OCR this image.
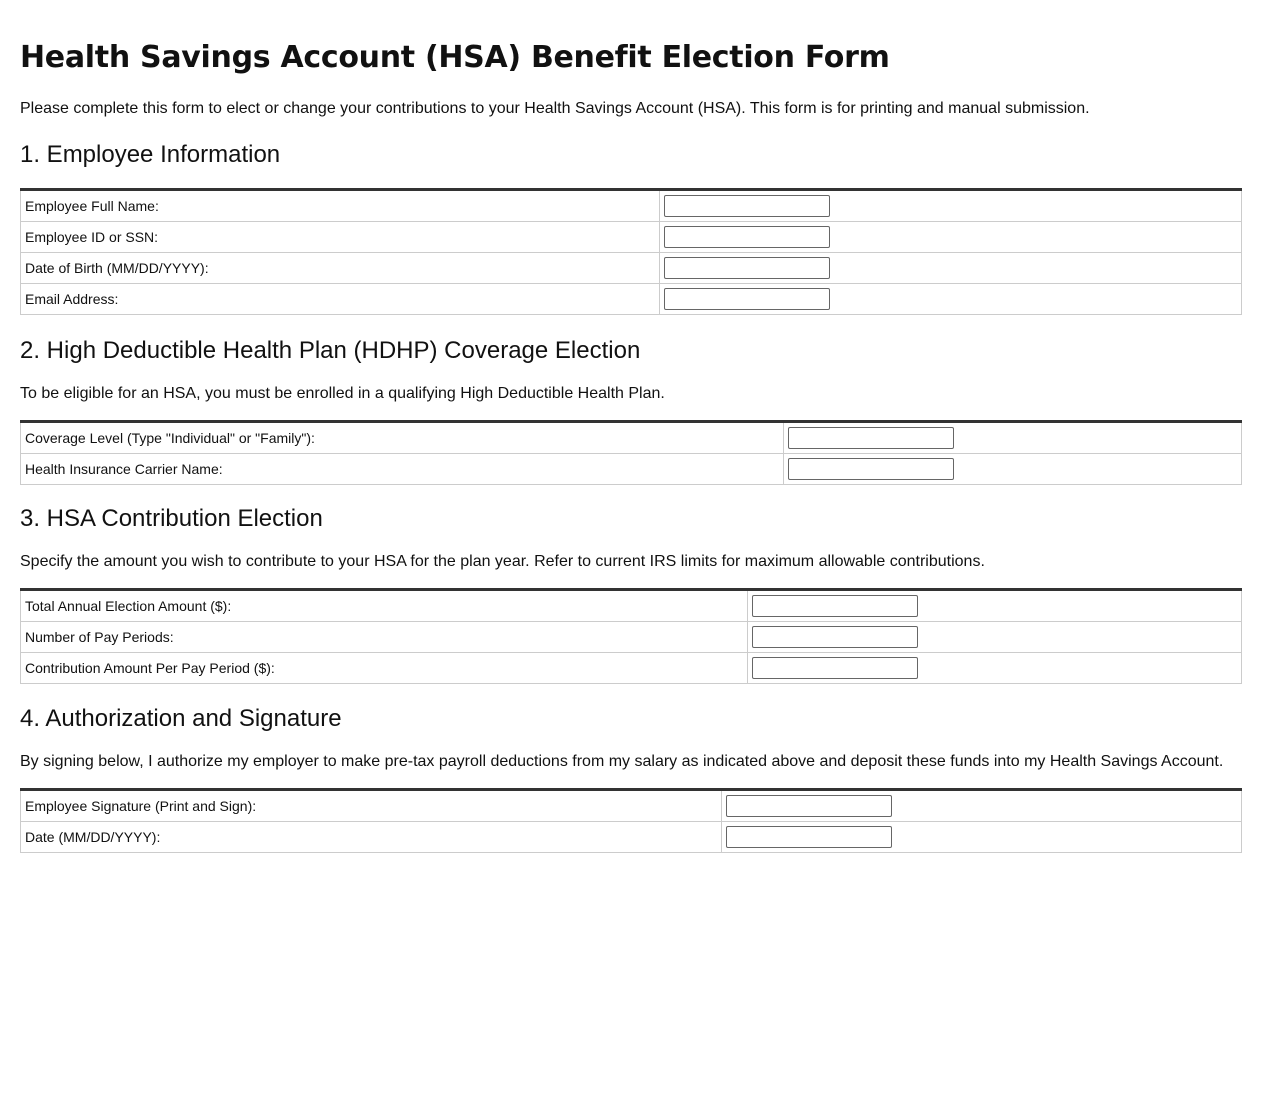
Health Savings Account (HSA) Benefit Election Form

Please complete this form to elect or change your contributions to your Health Savings Account (HSA). This form is for printing and manual submission.

1. Employee Information
Employee Full Name:	

Employee ID or SSN:	

Date of Birth (MM/DD/YYYY):	

Email Address:	
2. High Deductible Health Plan (HDHP) Coverage Election

To be eligible for an HSA, you must be enrolled in a qualifying High Deductible Health Plan.

Coverage Level (Type "Individual" or "Family"):	

Health Insurance Carrier Name:	
3. HSA Contribution Election

Specify the amount you wish to contribute to your HSA for the plan year. Refer to current IRS limits for maximum allowable contributions.

Total Annual Election Amount ($):	

Number of Pay Periods:	

Contribution Amount Per Pay Period ($):	
4. Authorization and Signature

By signing below, I authorize my employer to make pre-tax payroll deductions from my salary as indicated above and deposit these funds into my Health Savings Account.

Employee Signature (Print and Sign):	

Date (MM/DD/YYYY):	
